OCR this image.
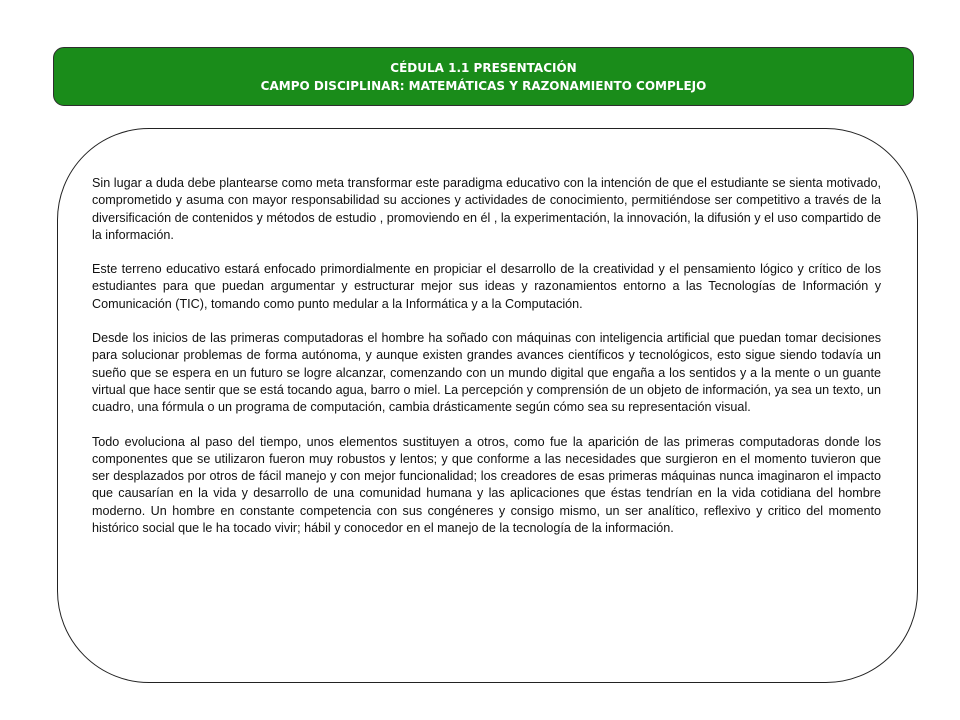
CÉDULA 1.1 PRESENTACIÓN
CAMPO DISCIPLINAR: MATEMÁTICAS Y RAZONAMIENTO COMPLEJO

Sin lugar a duda debe plantearse como meta transformar este paradigma educativo con la intención de que el estudiante se sienta motivado, comprometido y asuma con mayor responsabilidad su acciones y actividades de conocimiento, permitiéndose ser competitivo a través de la diversificación de contenidos y métodos de estudio , promoviendo en él , la experimentación, la innovación, la difusión y el uso compartido de la información.

Este terreno educativo estará enfocado primordialmente en propiciar el desarrollo de la creatividad y el pensamiento lógico y crítico de los estudiantes para que puedan argumentar y estructurar mejor sus ideas y razonamientos entorno a las Tecnologías de Información y Comunicación (TIC), tomando como punto medular a la Informática y a la Computación.

Desde los inicios de las primeras computadoras el hombre ha soñado con máquinas con inteligencia artificial que puedan tomar decisiones para solucionar problemas de forma autónoma, y aunque existen grandes avances científicos y tecnológicos, esto sigue siendo todavía un sueño que se espera en un futuro se logre alcanzar, comenzando con un mundo digital que engaña a los sentidos y a la mente o un guante virtual que hace sentir que se está tocando agua, barro o miel. La percepción y comprensión de un objeto de información, ya sea un texto, un cuadro, una fórmula o un programa de computación, cambia drásticamente según cómo sea su representación visual.

Todo evoluciona al paso del tiempo, unos elementos sustituyen a otros, como fue la aparición de las primeras computadoras donde los componentes que se utilizaron fueron muy robustos y lentos; y que conforme a las necesidades que surgieron en el momento tuvieron que ser desplazados por otros de fácil manejo y con mejor funcionalidad; los creadores de esas primeras máquinas nunca imaginaron el impacto que causarían en la vida y desarrollo de una comunidad humana y las aplicaciones que éstas tendrían en la vida cotidiana del hombre moderno. Un hombre en constante competencia con sus congéneres y consigo mismo, un ser analítico, reflexivo y critico del momento histórico social que le ha tocado vivir; hábil y conocedor en el manejo de la tecnología de la información.
